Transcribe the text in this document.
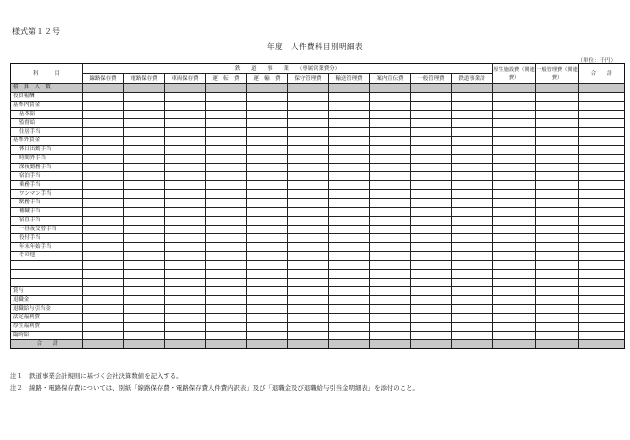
様式第１２号
年度　人件費科目別明細表
（単位：千円）
科　　　目	鉄　　道　　事　　業　　（専属営業費分）										厚生施設費（関連費）	一般管理費（関連費）	合　　計
	線路保存費	電路保存費	車両保存費	運　転　費	運　輸　費	保守管理費	輸送管理費	案内宣伝費	一般管理費	鉄道事業計			
積　算　人　数													
役員報酬													
基準内賃金													
基本給													
監督給													
住居手当													
基準外賃金													
休日出勤手当													
時間外手当													
深夜勤務手当													
宿泊手当													
乗務手当													
ワンマン手当													
駅務手当													
補職手当													
宿直手当													
一昼夜交替手当													
役付手当													
年末年始手当													
その他													

賞与													
退職金													
退職給与引当金													
法定福利費													
厚生福利費													
臨時給													
合　　計													
注１　鉄道事業会計規則に基づく会社決算数値を記入する。
注２　線路・電路保存費については、別紙「線路保存費・電路保存費人件費内訳表」及び「退職金及び退職給与引当金明細表」を添付のこと。
